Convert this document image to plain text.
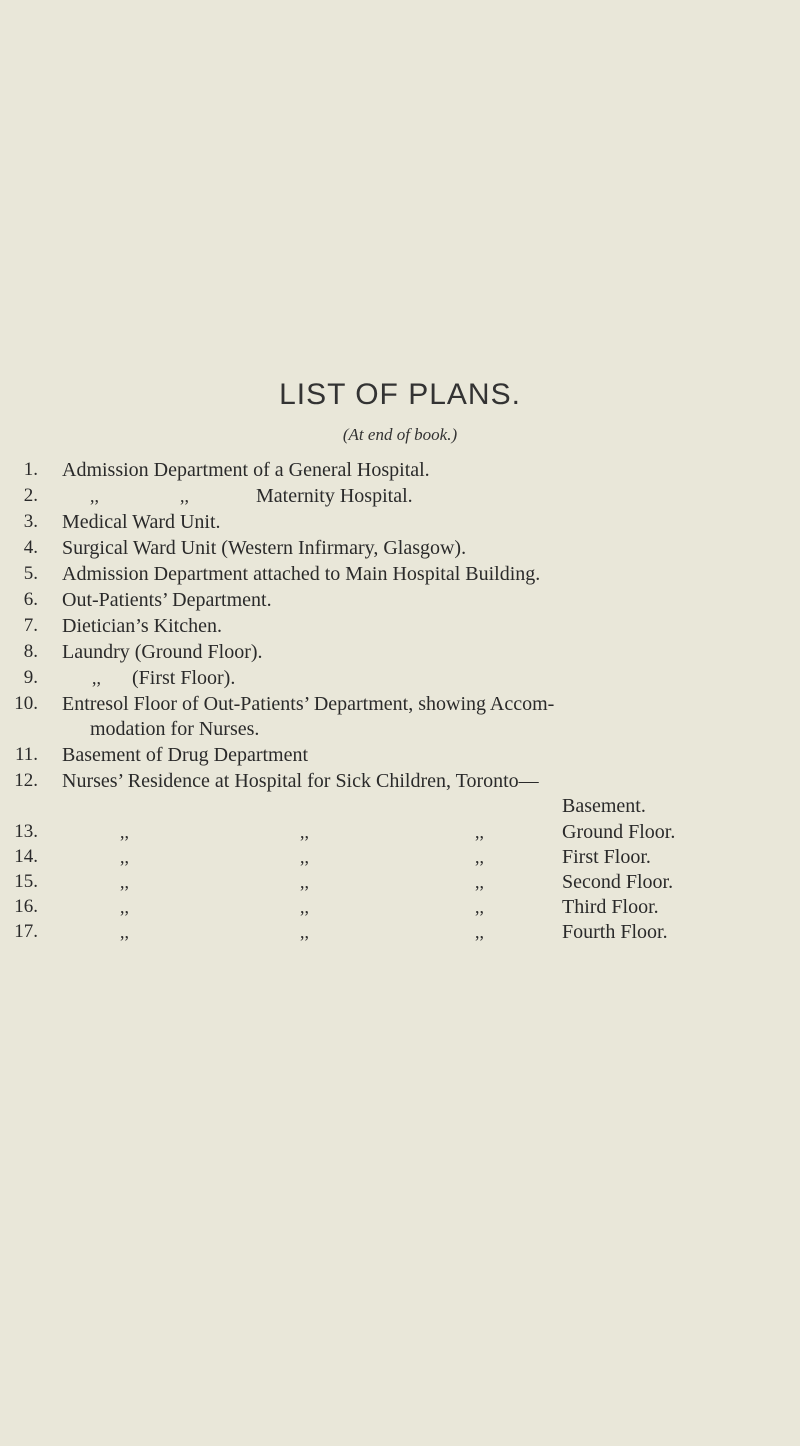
LIST OF PLANS.
(At end of book.)
1. Admission Department of a General Hospital.
2.	,,	,,	Maternity Hospital.
3. Medical Ward Unit.
4. Surgical Ward Unit (Western Infirmary, Glasgow).
5. Admission Department attached to Main Hospital Building.
6. Out-Patients’ Department.
7. Dietician’s Kitchen.
8. Laundry (Ground Floor).
9.	,, (First Floor).
10. Entresol Floor of Out-Patients’ Department, showing Accom-
modation for Nurses.
11. Basement of Drug Department
12. Nurses’ Residence at Hospital for Sick Children, Toronto—
Basement.
13.	,,	,,	,,	Ground Floor.
14.	,,	,,	,,	First Floor.
15.	,,	,,	,,	Second Floor.
16.	,,	,,	,,	Third Floor.
17.	,,	,,	,,	Fourth Floor.
